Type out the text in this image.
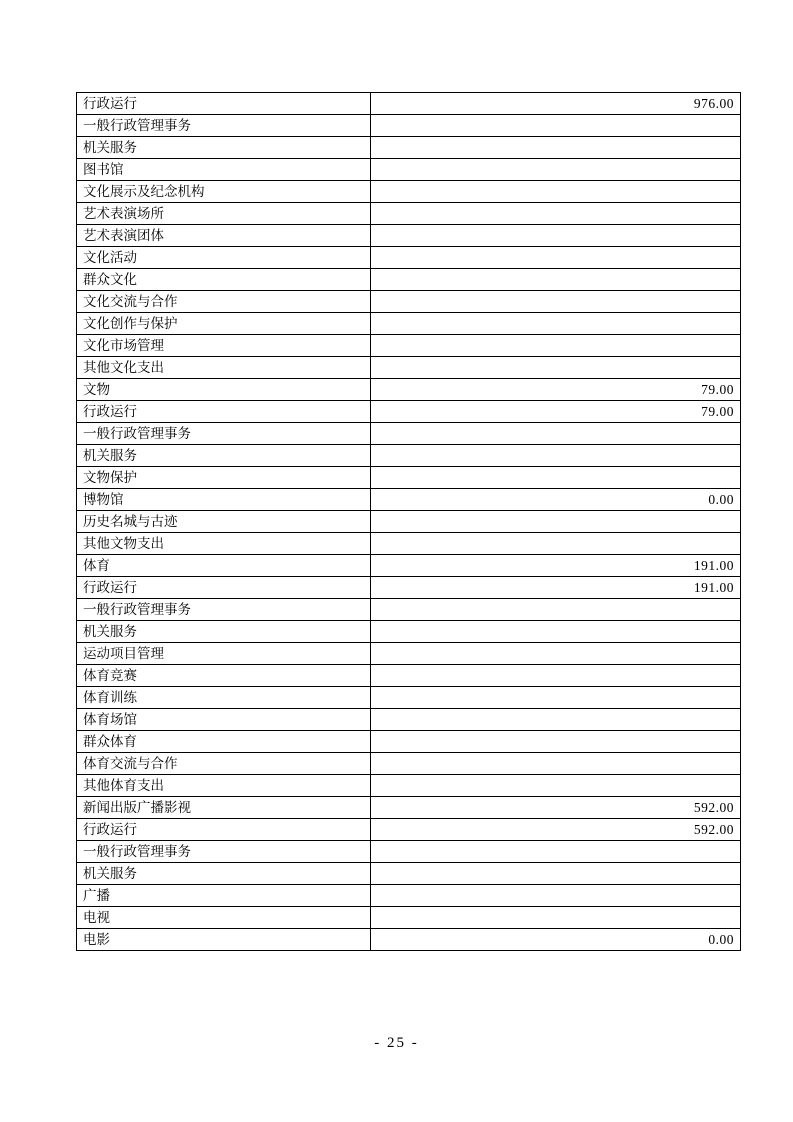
行政运行	976.00
一般行政管理事务	
机关服务	
图书馆	
文化展示及纪念机构	
艺术表演场所	
艺术表演团体	
文化活动	
群众文化	
文化交流与合作	
文化创作与保护	
文化市场管理	
其他文化支出	
文物	79.00
行政运行	79.00
一般行政管理事务	
机关服务	
文物保护	
博物馆	0.00
历史名城与古迹	
其他文物支出	
体育	191.00
行政运行	191.00
一般行政管理事务	
机关服务	
运动项目管理	
体育竞赛	
体育训练	
体育场馆	
群众体育	
体育交流与合作	
其他体育支出	
新闻出版广播影视	592.00
行政运行	592.00
一般行政管理事务	
机关服务	
广播	
电视	
电影	0.00
- 25 -
